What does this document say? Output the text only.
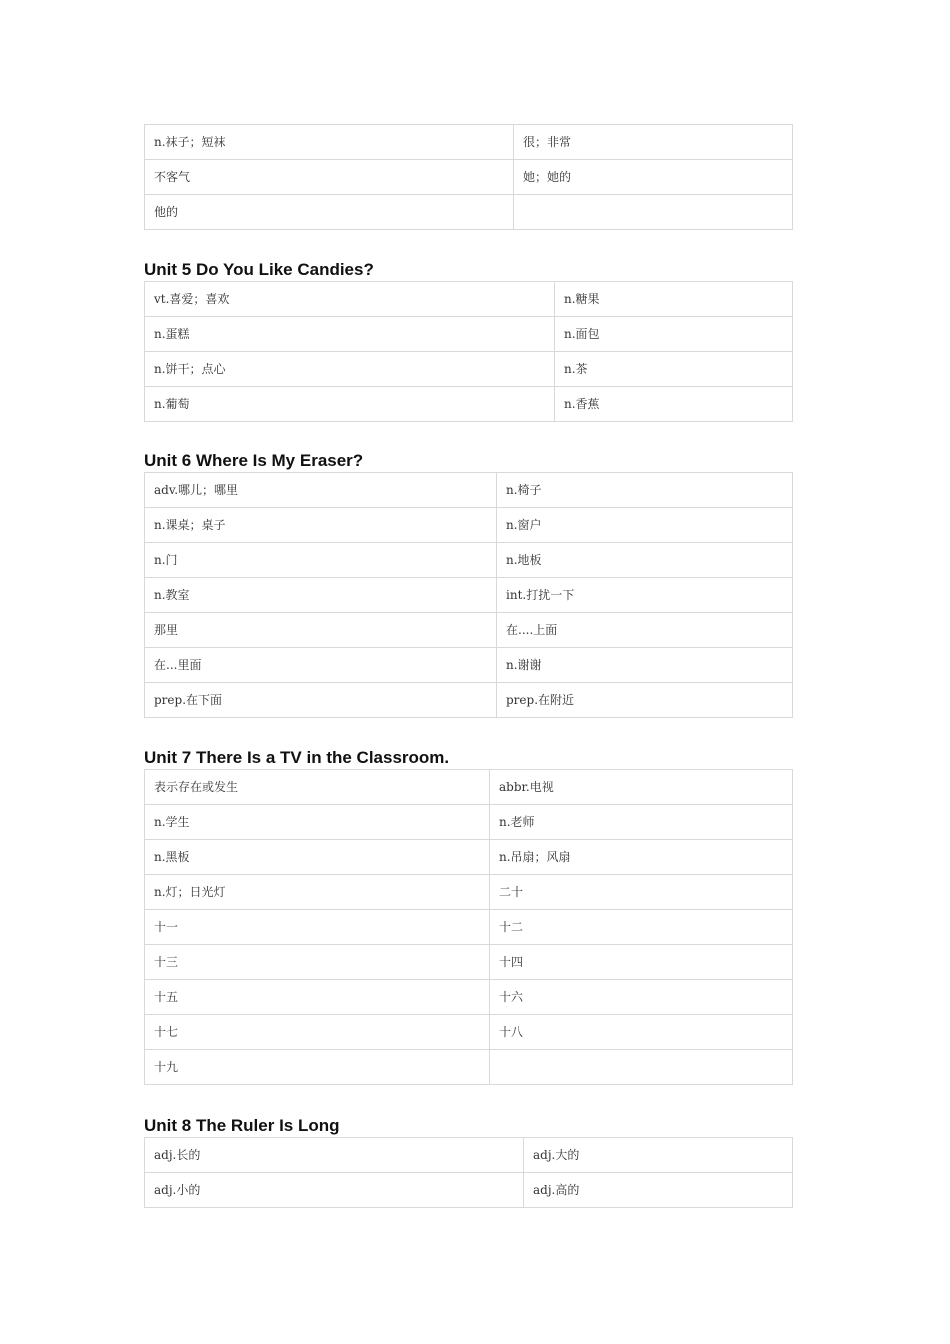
n.袜子；短袜	很；非常
不客气	她；她的
他的	
Unit 5 Do You Like Candies?
vt.喜爱；喜欢	n.糖果
n.蛋糕	n.面包
n.饼干；点心	n.茶
n.葡萄	n.香蕉
Unit 6 Where Is My Eraser?
adv.哪儿；哪里	n.椅子
n.课桌；桌子	n.窗户
n.门	n.地板
n.教室	int.打扰一下
那里	在....上面
在...里面	n.谢谢
prep.在下面	prep.在附近
Unit 7 There Is a TV in the Classroom.
表示存在或发生	abbr.电视
n.学生	n.老师
n.黑板	n.吊扇；风扇
n.灯；日光灯	二十
十一	十二
十三	十四
十五	十六
十七	十八
十九	
Unit 8 The Ruler Is Long
adj.长的	adj.大的
adj.小的	adj.高的
